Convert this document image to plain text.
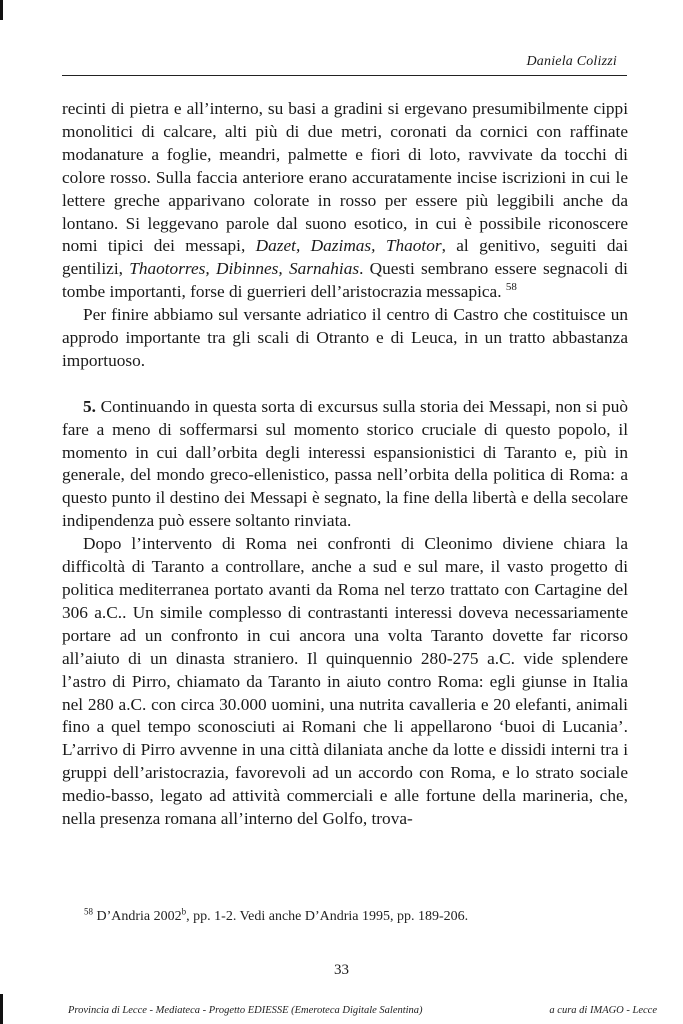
Daniela Colizzi

recinti di pietra e all’interno, su basi a gradini si ergevano presumibilmente cippi monolitici di calcare, alti più di due metri, coronati da cornici con raffinate modanature a foglie, meandri, palmette e fiori di loto, ravvivate da tocchi di colore rosso. Sulla faccia anteriore erano accuratamente incise iscrizioni in cui le lettere greche apparivano colorate in rosso per essere più leggibili anche da lontano. Si leggevano parole dal suono esotico, in cui è possibile riconoscere nomi tipici dei messapi, Dazet, Dazimas, Thaotor, al genitivo, seguiti dai gentilizi, Thaotorres, Dibinnes, Sarnahias. Questi sembrano essere segnacoli di tombe importanti, forse di guerrieri dell’aristocrazia messapica. $^{58}$

Per finire abbiamo sul versante adriatico il centro di Castro che costituisce un approdo importante tra gli scali di Otranto e di Leuca, in un tratto abbastanza importuoso.

5. Continuando in questa sorta di excursus sulla storia dei Messapi, non si può fare a meno di soffermarsi sul momento storico cruciale di questo popolo, il momento in cui dall’orbita degli interessi espansionistici di Taranto e, più in generale, del mondo greco-ellenistico, passa nell’orbita della politica di Roma: a questo punto il destino dei Messapi è segnato, la fine della libertà e della secolare indipendenza può essere soltanto rinviata.

Dopo l’intervento di Roma nei confronti di Cleonimo diviene chiara la difficoltà di Taranto a controllare, anche a sud e sul mare, il vasto progetto di politica mediterranea portato avanti da Roma nel terzo trattato con Cartagine del 306 a.C.. Un simile complesso di contrastanti interessi doveva necessariamente portare ad un confronto in cui ancora una volta Taranto dovette far ricorso all’aiuto di un dinasta straniero. Il quinquennio 280-275 a.C. vide splendere l’astro di Pirro, chiamato da Taranto in aiuto contro Roma: egli giunse in Italia nel 280 a.C. con circa 30.000 uomini, una nutrita cavalleria e 20 elefanti, animali fino a quel tempo sconosciuti ai Romani che li appellarono ‘buoi di Lucania’. L’arrivo di Pirro avvenne in una città dilaniata anche da lotte e dissidi interni tra i gruppi dell’aristocrazia, favorevoli ad un accordo con Roma, e lo strato sociale medio-basso, legato ad attività commerciali e alle fortune della marineria, che, nella presenza romana all’interno del Golfo, trova-

$^{58}$ D’Andria 2002$^b$, pp. 1-2. Vedi anche D’Andria 1995, pp. 189-206.
33
Provincia di Lecce - Mediateca - Progetto EDIESSE (Emeroteca Digitale Salentina)	a cura di IMAGO - Lecce
